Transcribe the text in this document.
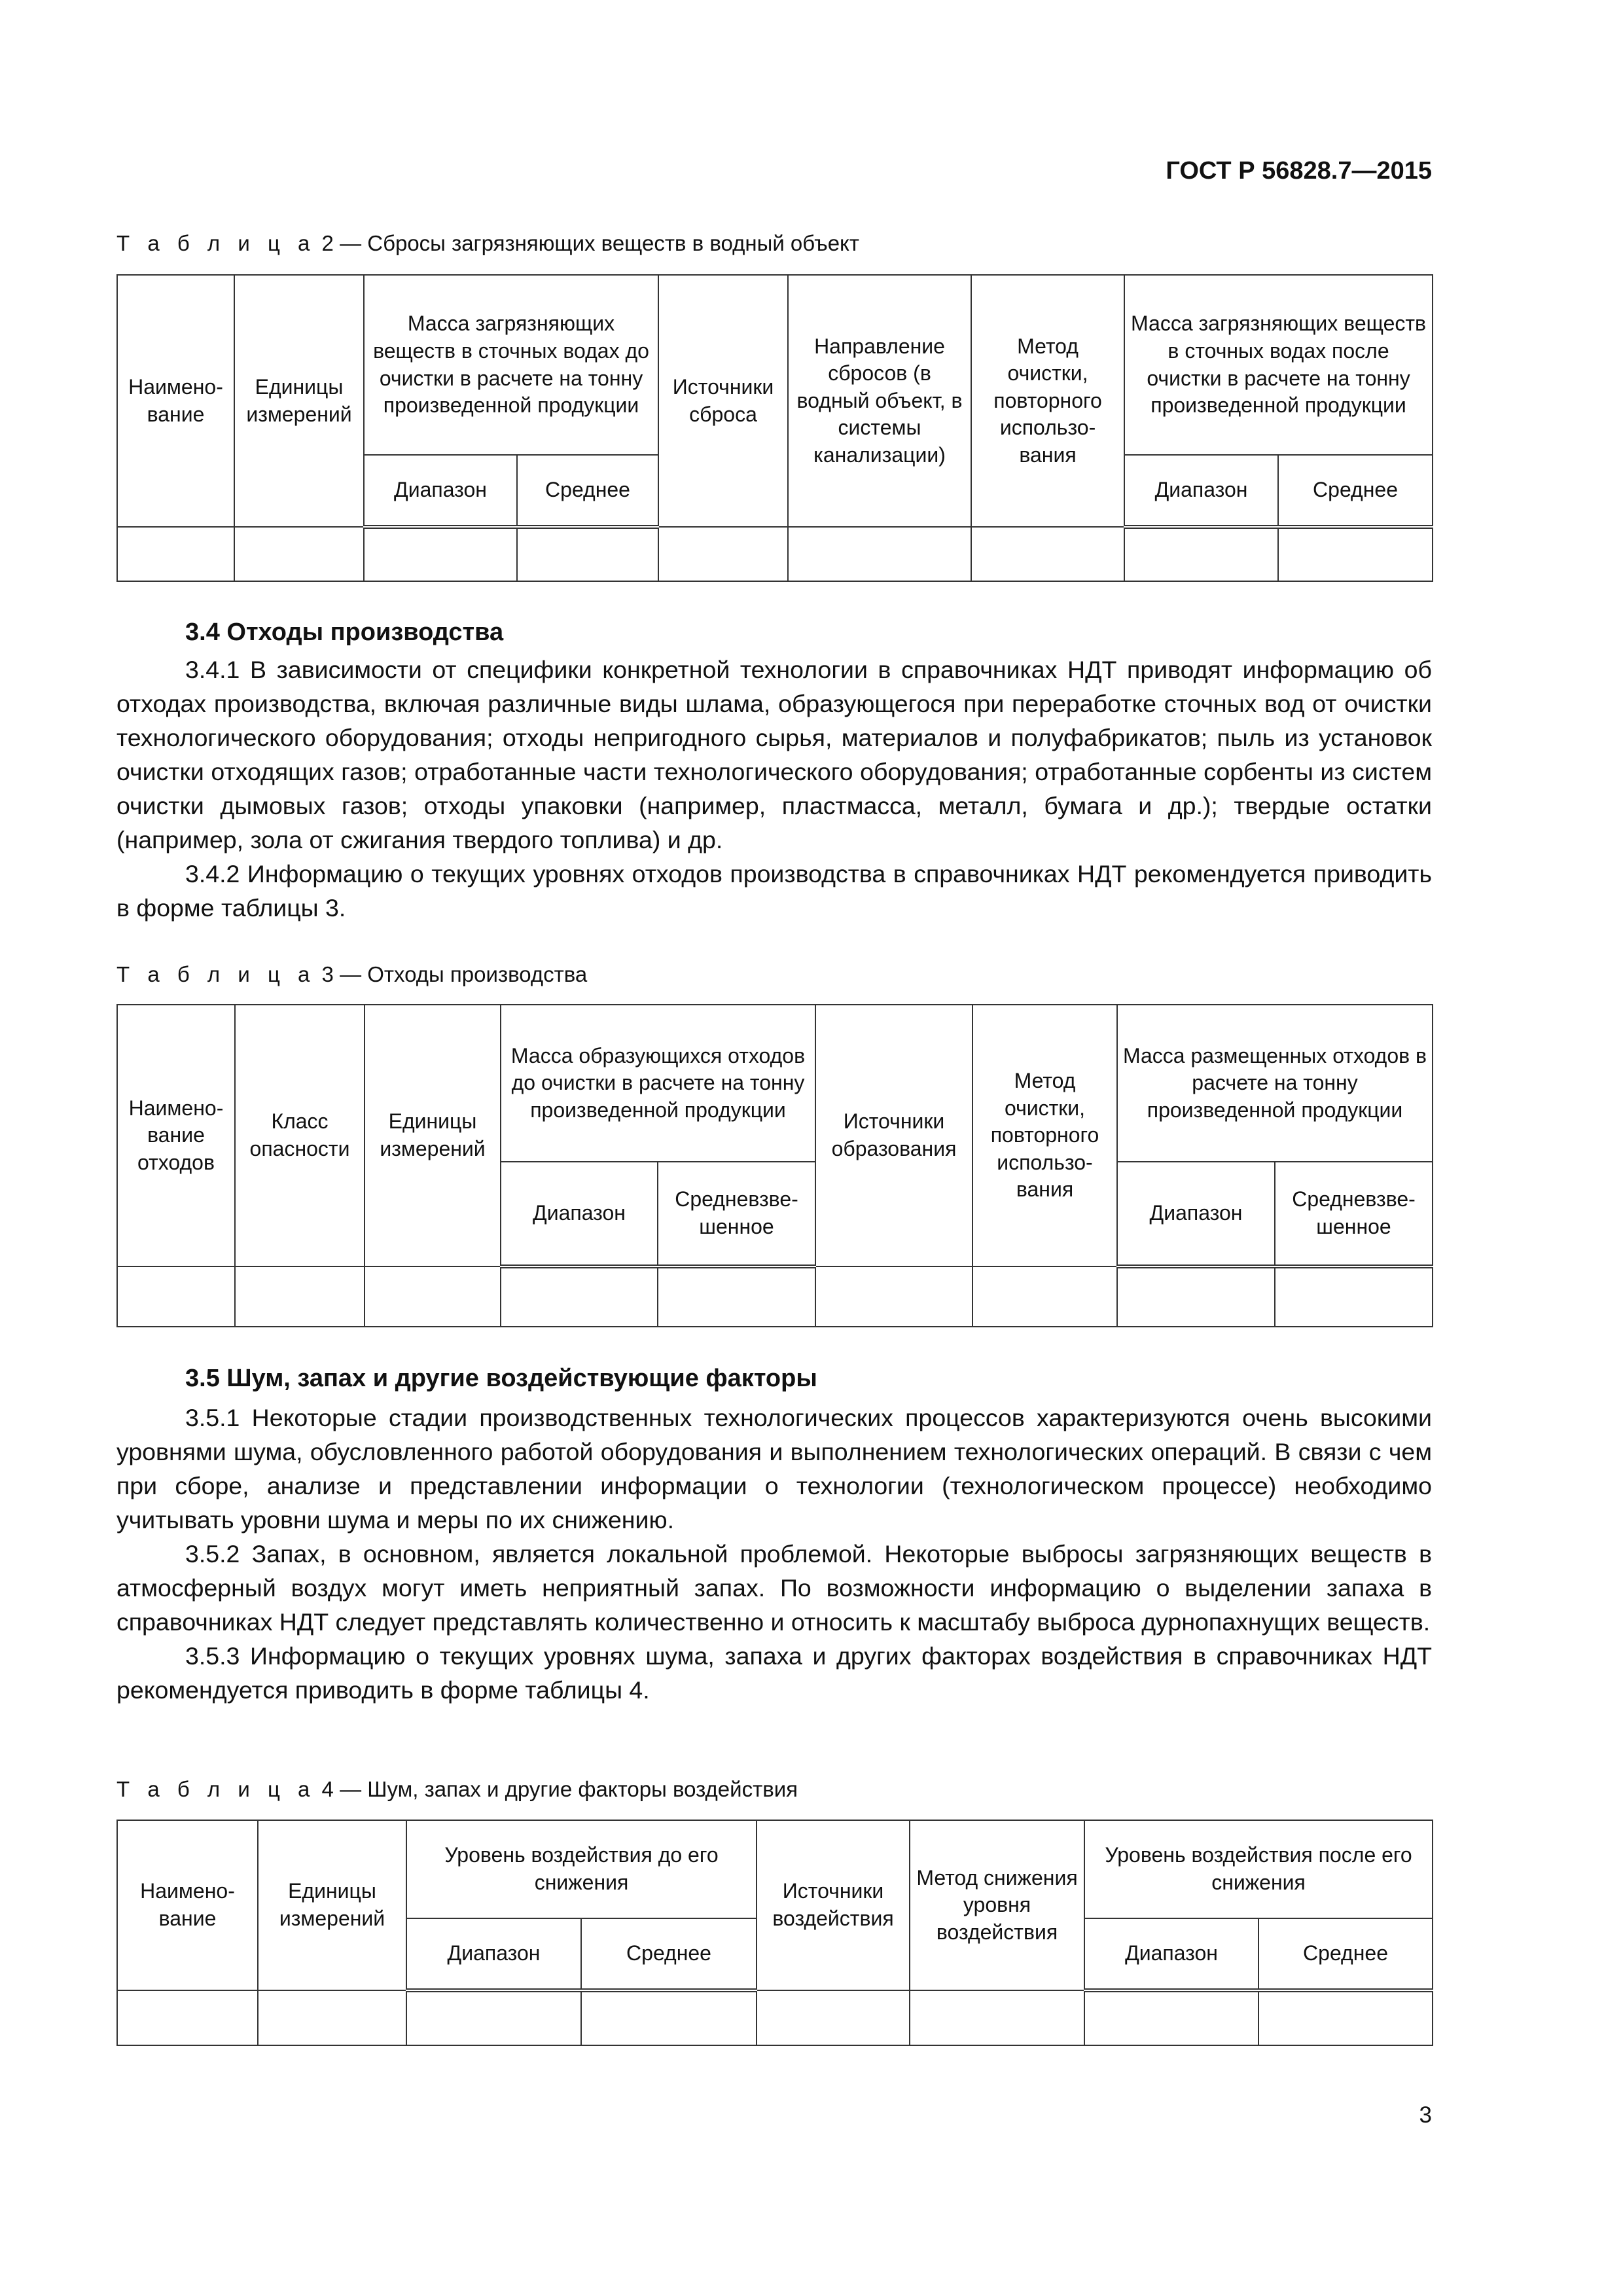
ГОСТ Р 56828.7—2015
Т а б л и ц а 2 — Сбросы загрязняющих веществ в водный объект
Наимено-вание	Единицы измерений	Масса загрязняющих веществ в сточных водах до очистки в расчете на тонну произведенной продукции		Источники сброса	Направление сбросов (в водный объект, в системы канализации)	Метод очистки, повторного использо-вания	Масса загрязняющих веществ в сточных водах после очистки в расчете на тонну произведенной продукции	
		Диапазон	Среднее				Диапазон	Среднее

3.4 Отходы производства

3.4.1 В зависимости от специфики конкретной технологии в справочниках НДТ приводят информацию об отходах производства, включая различные виды шлама, образующегося при переработке сточных вод от очистки технологического оборудования; отходы непригодного сырья, материалов и полуфабрикатов; пыль из установок очистки отходящих газов; отработанные части технологического оборудования; отработанные сорбенты из систем очистки дымовых газов; отходы упаковки (например, пластмасса, металл, бумага и др.); твердые остатки (например, зола от сжигания твердого топлива) и др.

3.4.2 Информацию о текущих уровнях отходов производства в справочниках НДТ рекомендуется приводить в форме таблицы 3.

Т а б л и ц а 3 — Отходы производства
Наимено-вание отходов	Класс опасности	Единицы измерений	Масса образующихся отходов до очистки в расчете на тонну произведенной продукции		Источники образования	Метод очистки, повторного использо-вания	Масса размещенных отходов в расчете на тонну произведенной продукции	
			Диапазон	Средневзве-шенное			Диапазон	Средневзве-шенное

3.5 Шум, запах и другие воздействующие факторы

3.5.1 Некоторые стадии производственных технологических процессов характеризуются очень высокими уровнями шума, обусловленного работой оборудования и выполнением технологических операций. В связи с чем при сборе, анализе и представлении информации о технологии (технологическом процессе) необходимо учитывать уровни шума и меры по их снижению.

3.5.2 Запах, в основном, является локальной проблемой. Некоторые выбросы загрязняющих веществ в атмосферный воздух могут иметь неприятный запах. По возможности информацию о выделении запаха в справочниках НДТ следует представлять количественно и относить к масштабу выброса дурнопахнущих веществ.

3.5.3 Информацию о текущих уровнях шума, запаха и других факторах воздействия в справочниках НДТ рекомендуется приводить в форме таблицы 4.

Т а б л и ц а 4 — Шум, запах и другие факторы воздействия
Наимено-вание	Единицы измерений	Уровень воздействия до его снижения		Источники воздействия	Метод снижения уровня воздействия	Уровень воздействия после его снижения	
		Диапазон	Среднее			Диапазон	Среднее

3
